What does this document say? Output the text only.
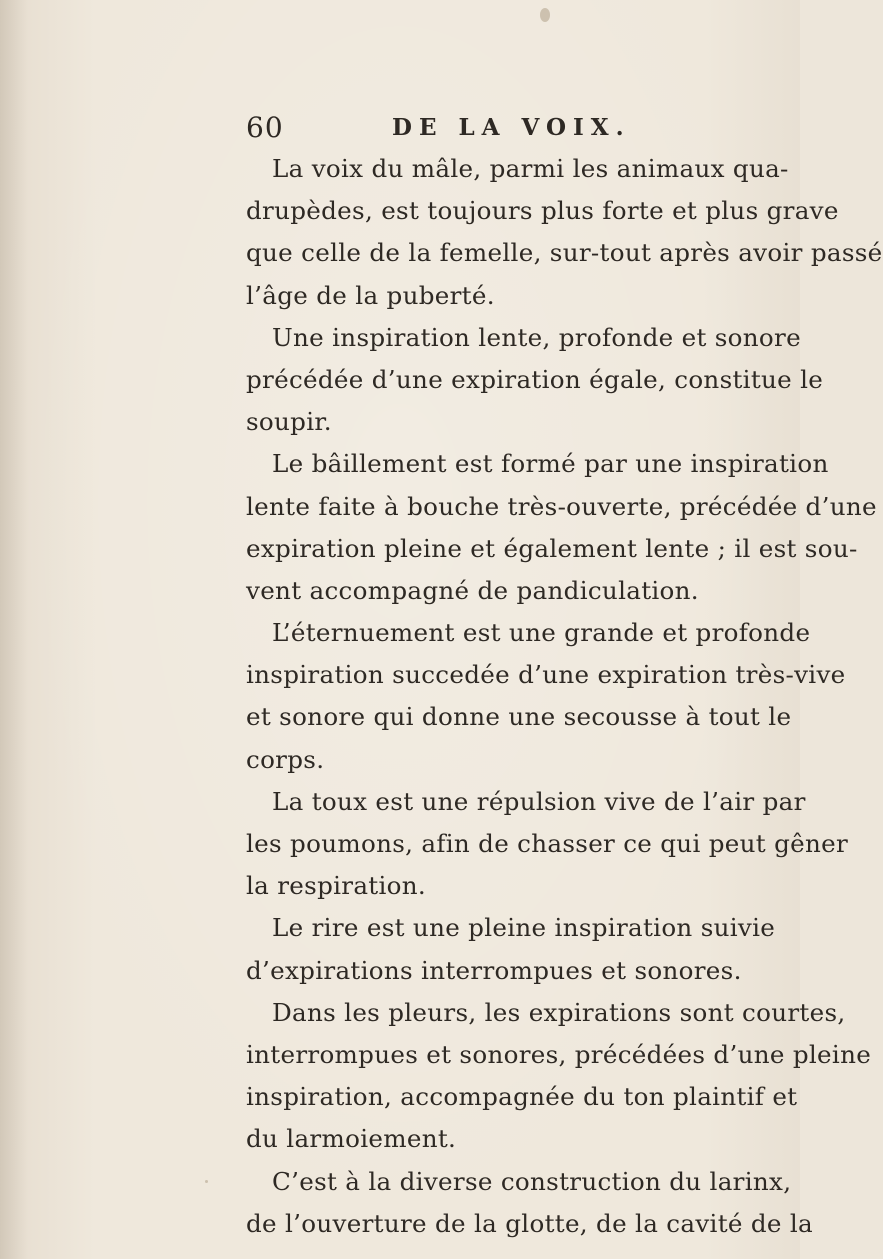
60	DE LA VOIX.
La voix du mâle, parmi les animaux qua-
drupèdes, est toujours plus forte et plus grave
que celle de la femelle, sur-tout après avoir passé
l’âge de la puberté.
Une inspiration lente, profonde et sonore
précédée d’une expiration égale, constitue le
soupir.
Le bâillement est formé par une inspiration
lente faite à bouche très-ouverte, précédée d’une
expiration pleine et également lente ; il est sou-
vent accompagné de pandiculation.
L’éternuement est une grande et profonde
inspiration succedée d’une expiration très-vive
et sonore qui donne une secousse à tout le
corps.
La toux est une répulsion vive de l’air par
les poumons, afin de chasser ce qui peut gêner
la respiration.
Le rire est une pleine inspiration suivie
d’expirations interrompues et sonores.
Dans les pleurs, les expirations sont courtes,
interrompues et sonores, précédées d’une pleine
inspiration, accompagnée du ton plaintif et
du larmoiement.
C’est à la diverse construction du larinx,
de l’ouverture de la glotte, de la cavité de la
